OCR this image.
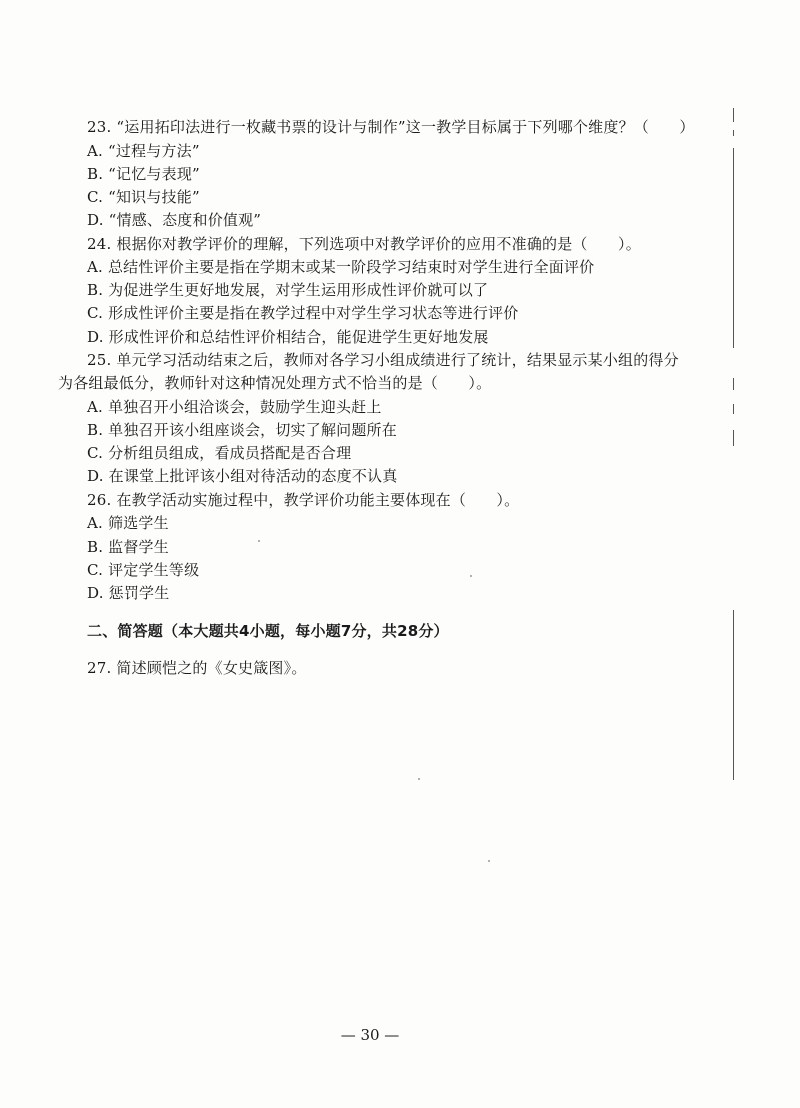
23. “运用拓印法进行一枚藏书票的设计与制作”这一教学目标属于下列哪个维度？（　　）
A. “过程与方法”
B. “记忆与表现”
C. “知识与技能”
D. “情感、态度和价值观”
24. 根据你对教学评价的理解，下列选项中对教学评价的应用不准确的是（　　）。
A. 总结性评价主要是指在学期末或某一阶段学习结束时对学生进行全面评价
B. 为促进学生更好地发展，对学生运用形成性评价就可以了
C. 形成性评价主要是指在教学过程中对学生学习状态等进行评价
D. 形成性评价和总结性评价相结合，能促进学生更好地发展
25. 单元学习活动结束之后，教师对各学习小组成绩进行了统计，结果显示某小组的得分
为各组最低分，教师针对这种情况处理方式不恰当的是（　　）。
A. 单独召开小组洽谈会，鼓励学生迎头赶上
B. 单独召开该小组座谈会，切实了解问题所在
C. 分析组员组成，看成员搭配是否合理
D. 在课堂上批评该小组对待活动的态度不认真
26. 在教学活动实施过程中，教学评价功能主要体现在（　　）。
A. 筛选学生
B. 监督学生
C. 评定学生等级
D. 惩罚学生
二、简答题（本大题共4小题，每小题7分，共28分）
27. 简述顾恺之的《女史箴图》。
— 30 —
